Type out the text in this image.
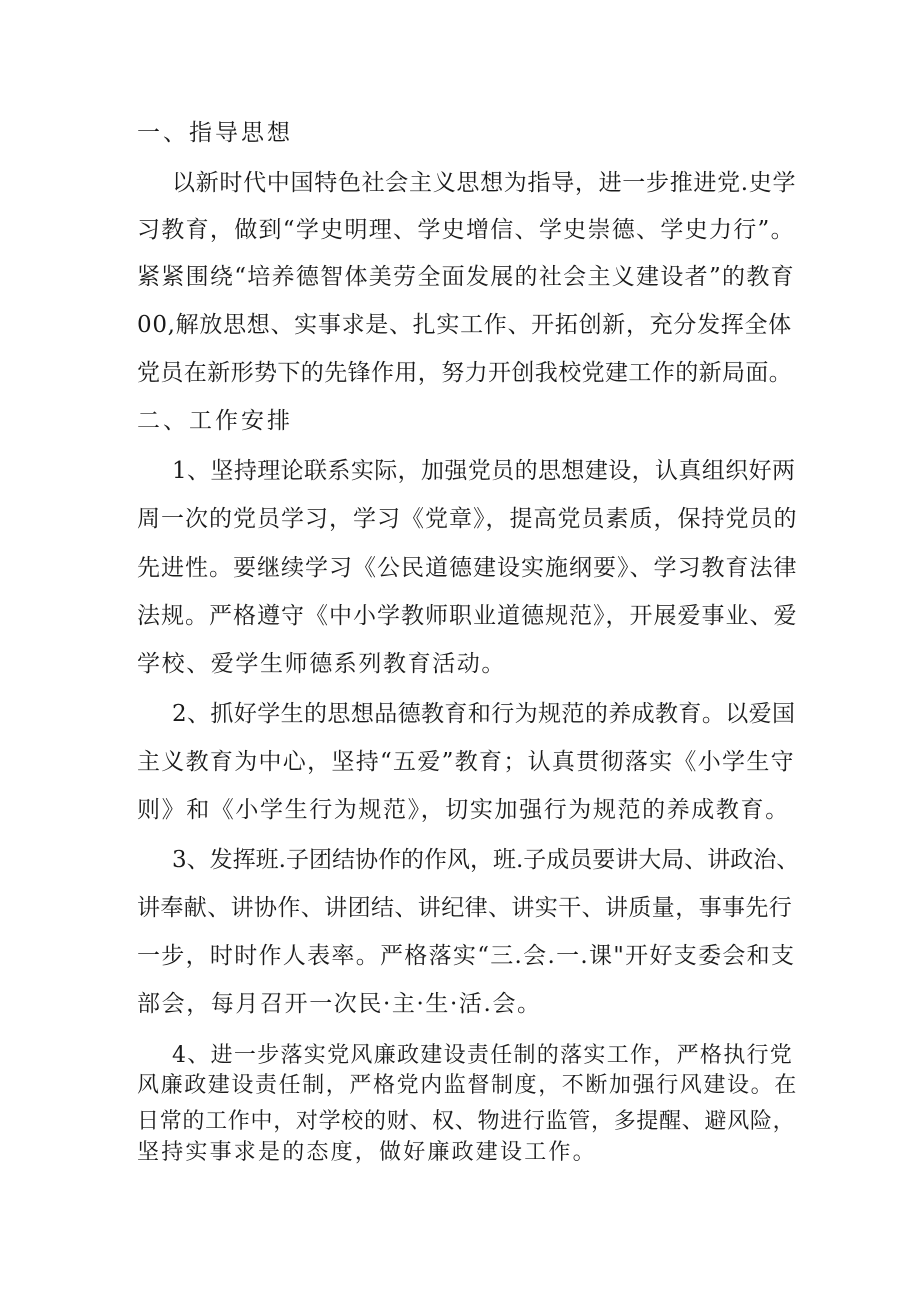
一、指导思想
以新时代中国特色社会主义思想为指导，进一步推进党.史学
习教育，做到“学史明理、学史增信、学史崇德、学史力行”。
紧紧围绕“培养德智体美劳全面发展的社会主义建设者”的教育
00,解放思想、实事求是、扎实工作、开拓创新，充分发挥全体
党员在新形势下的先锋作用，努力开创我校党建工作的新局面。
二、工作安排
1、坚持理论联系实际，加强党员的思想建设，认真组织好两
周一次的党员学习，学习《党章》，提高党员素质，保持党员的
先进性。要继续学习《公民道德建设实施纲要》、学习教育法律
法规。严格遵守《中小学教师职业道德规范》，开展爱事业、爱
学校、爱学生师德系列教育活动。
2、抓好学生的思想品德教育和行为规范的养成教育。以爱国
主义教育为中心，坚持“五爱”教育；认真贯彻落实《小学生守
则》和《小学生行为规范》，切实加强行为规范的养成教育。
3、发挥班.子团结协作的作风，班.子成员要讲大局、讲政治、
讲奉献、讲协作、讲团结、讲纪律、讲实干、讲质量，事事先行
一步，时时作人表率。严格落实“三.会.一.课"开好支委会和支
部会，每月召开一次民·主·生·活.会。
4、进一步落实党风廉政建设责任制的落实工作，严格执行党
风廉政建设责任制，严格党内监督制度，不断加强行风建设。在
日常的工作中，对学校的财、权、物进行监管，多提醒、避风险，
坚持实事求是的态度，做好廉政建设工作。
